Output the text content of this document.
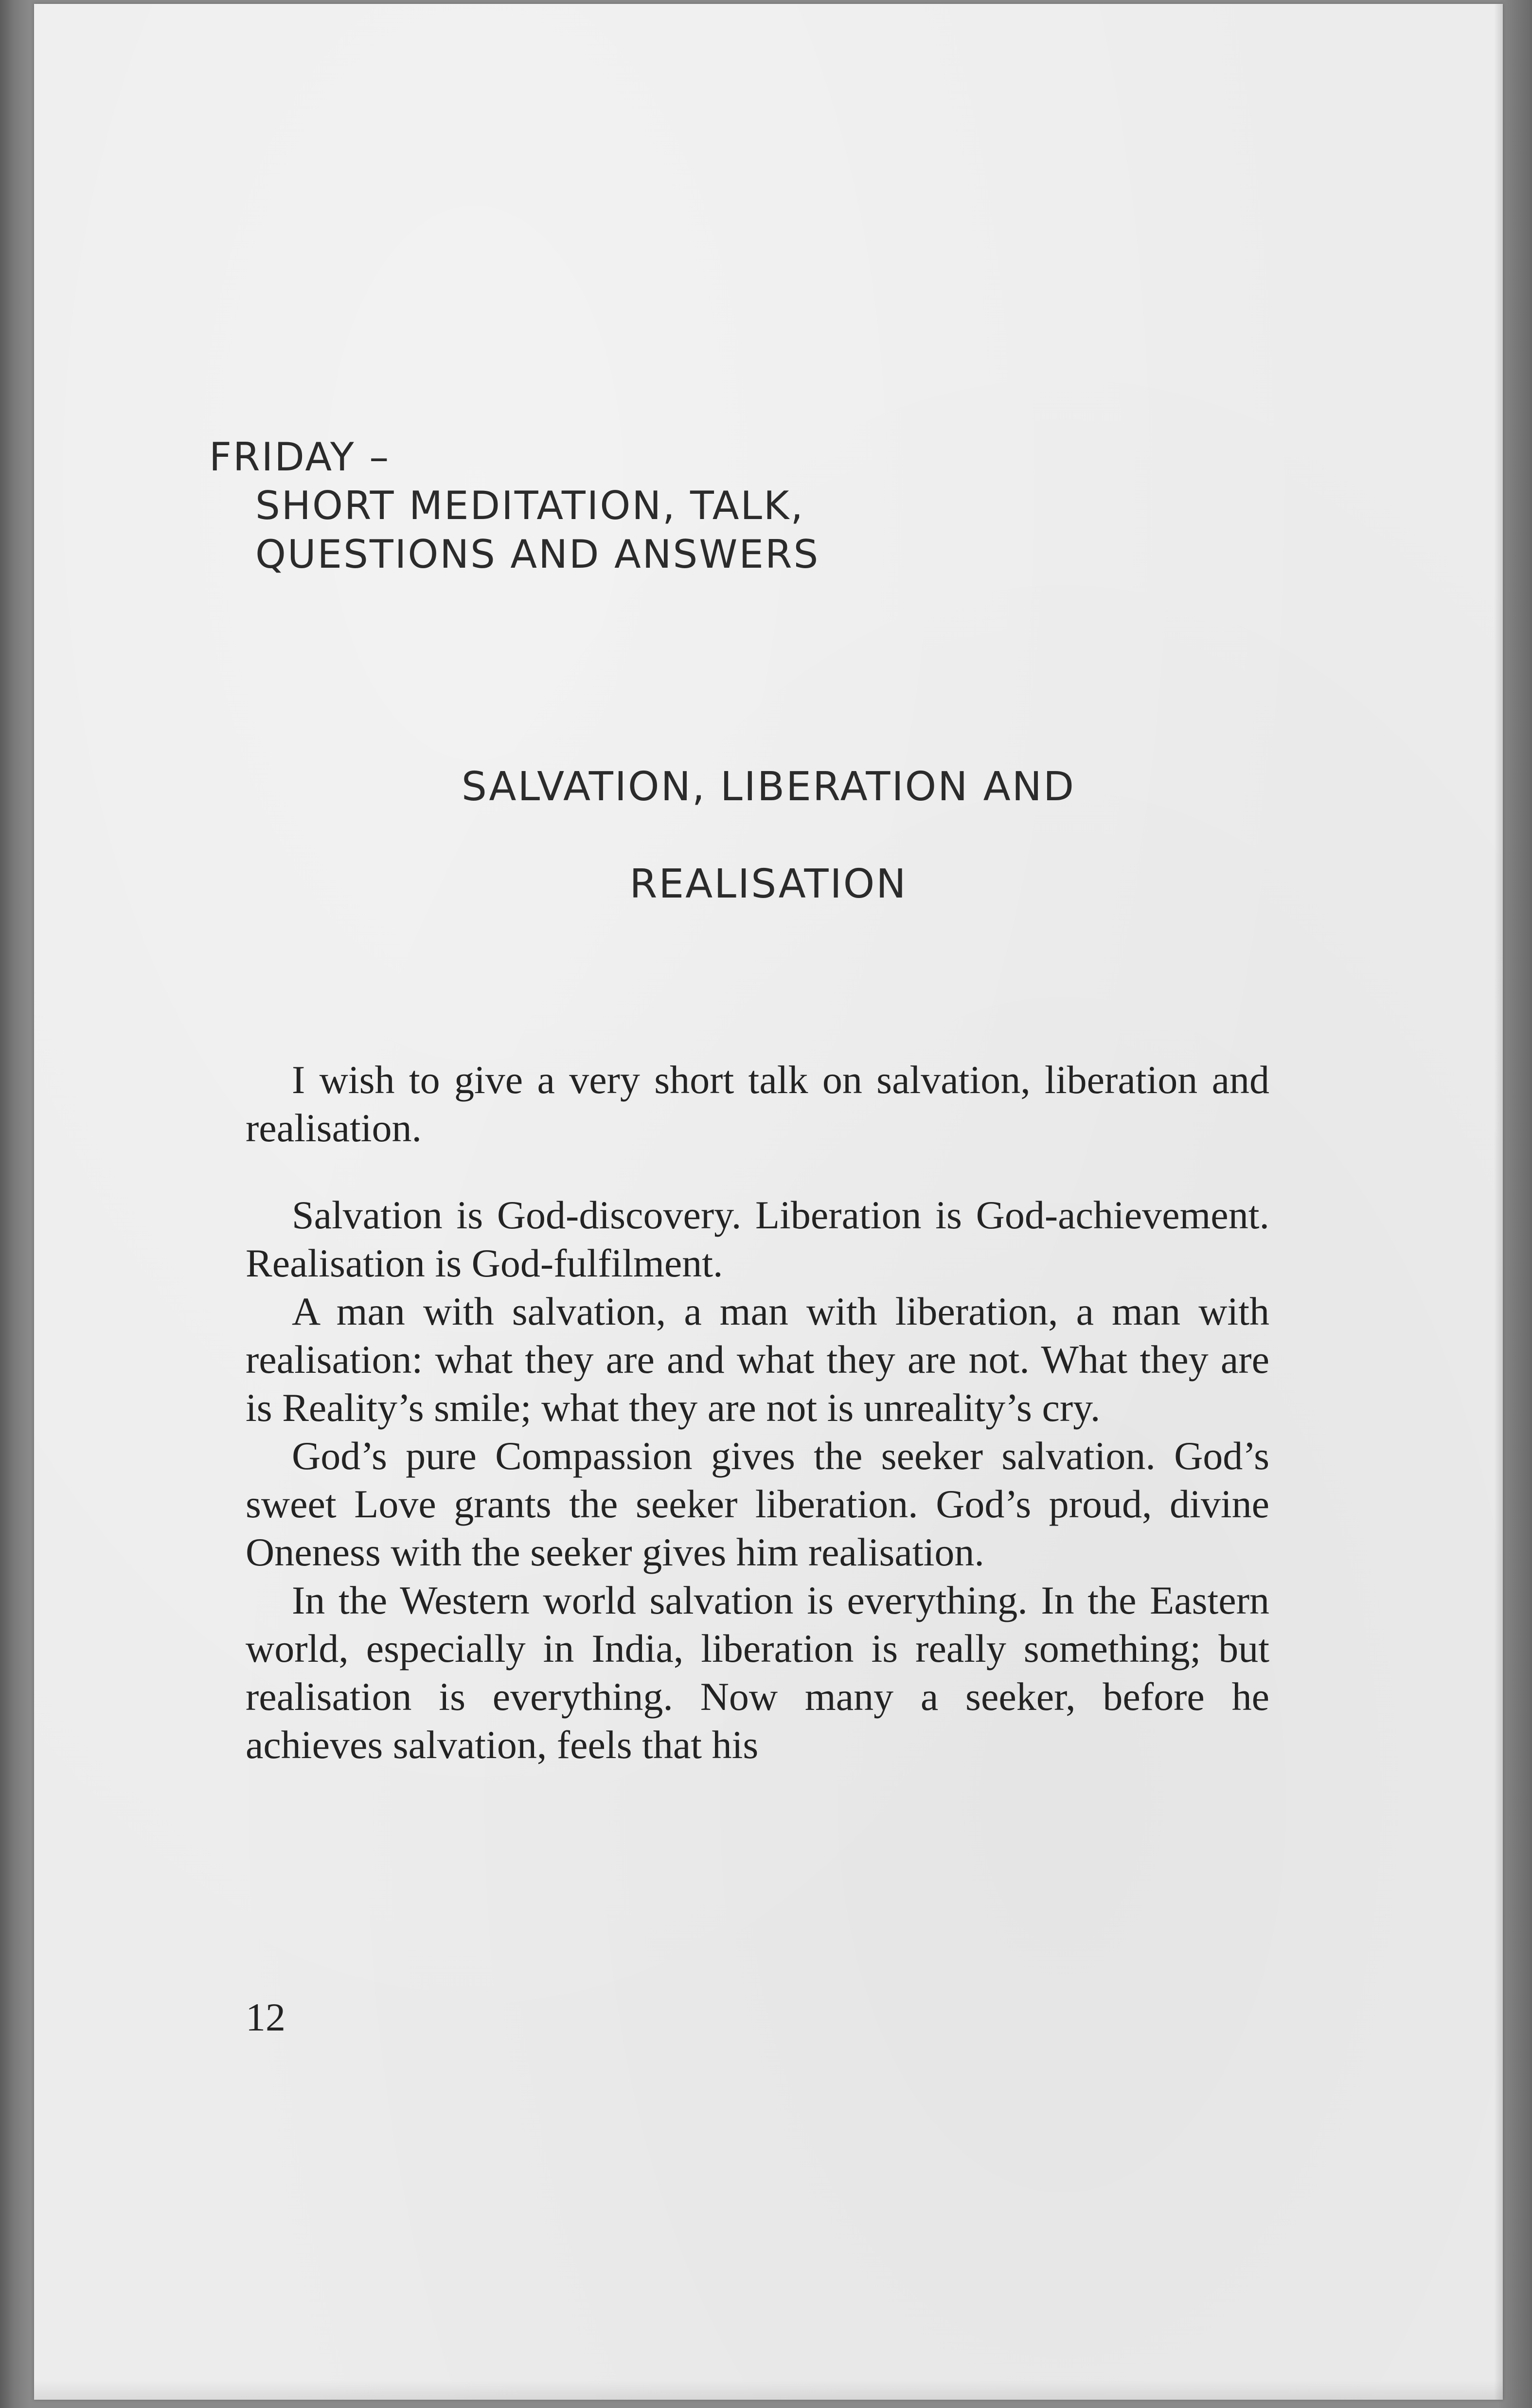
FRIDAY –
SHORT MEDITATION, TALK,
QUESTIONS AND ANSWERS
SALVATION, LIBERATION AND
REALISATION

I wish to give a very short talk on salvation, liberation and realisation.

Salvation is God-discovery. Liberation is God-achievement. Realisation is God-fulfilment.

A man with salvation, a man with liberation, a man with realisation: what they are and what they are not. What they are is Reality’s smile; what they are not is unreality’s cry.

God’s pure Compassion gives the seeker salvation. God’s sweet Love grants the seeker liberation. God’s proud, divine Oneness with the seeker gives him realisation.

In the Western world salvation is everything. In the Eastern world, especially in India, liberation is really something; but realisation is everything. Now many a seeker, before he achieves salvation, feels that his

12
